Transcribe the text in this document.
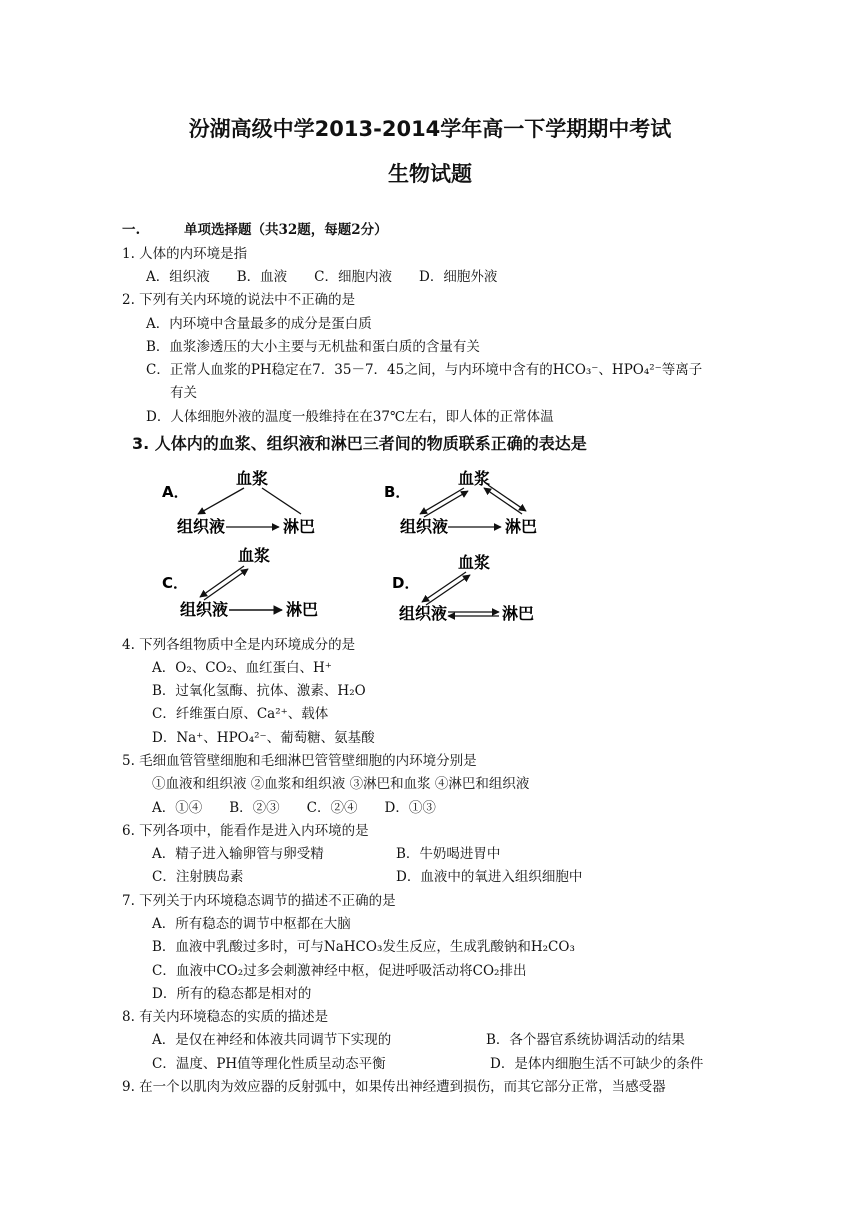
汾湖高级中学2013-2014学年高一下学期期中考试
生物试题
一.	单项选择题（共32题，每题2分）
1. 人体的内环境是指
A．组织液　　B．血液　　C．细胞内液　　D．细胞外液
2. 下列有关内环境的说法中不正确的是
A．内环境中含量最多的成分是蛋白质
B．血浆渗透压的大小主要与无机盐和蛋白质的含量有关
C．正常人血浆的PH稳定在7．35－7．45之间，与内环境中含有的HCO₃⁻、HPO₄²⁻等离子
有关
D．人体细胞外液的温度一般维持在在37℃左右，即人体的正常体温
3. 人体内的血浆、组织液和淋巴三者间的物质联系正确的表达是
A．
血浆
组织液	淋巴
B．
血浆
组织液	淋巴
C．
血浆
组织液	淋巴
D．
血浆
组织液	淋巴
4. 下列各组物质中全是内环境成分的是
A．O₂、CO₂、血红蛋白、H⁺
B．过氧化氢酶、抗体、激素、H₂O
C．纤维蛋白原、Ca²⁺、载体
D．Na⁺、HPO₄²⁻、葡萄糖、氨基酸
5. 毛细血管管壁细胞和毛细淋巴管管壁细胞的内环境分别是
①血液和组织液 ②血浆和组织液 ③淋巴和血浆 ④淋巴和组织液
A．①④　　B．②③　　C．②④　　D．①③
6. 下列各项中，能看作是进入内环境的是
A．精子进入输卵管与卵受精	B．牛奶喝进胃中
C．注射胰岛素	D．血液中的氧进入组织细胞中
7. 下列关于内环境稳态调节的描述不正确的是
A．所有稳态的调节中枢都在大脑
B．血液中乳酸过多时，可与NaHCO₃发生反应，生成乳酸钠和H₂CO₃
C．血液中CO₂过多会刺激神经中枢，促进呼吸活动将CO₂排出
D．所有的稳态都是相对的
8. 有关内环境稳态的实质的描述是
A．是仅在神经和体液共同调节下实现的	B．各个器官系统协调活动的结果
C．温度、PH值等理化性质呈动态平衡	D．是体内细胞生活不可缺少的条件
9. 在一个以肌肉为效应器的反射弧中，如果传出神经遭到损伤，而其它部分正常，当感受器
